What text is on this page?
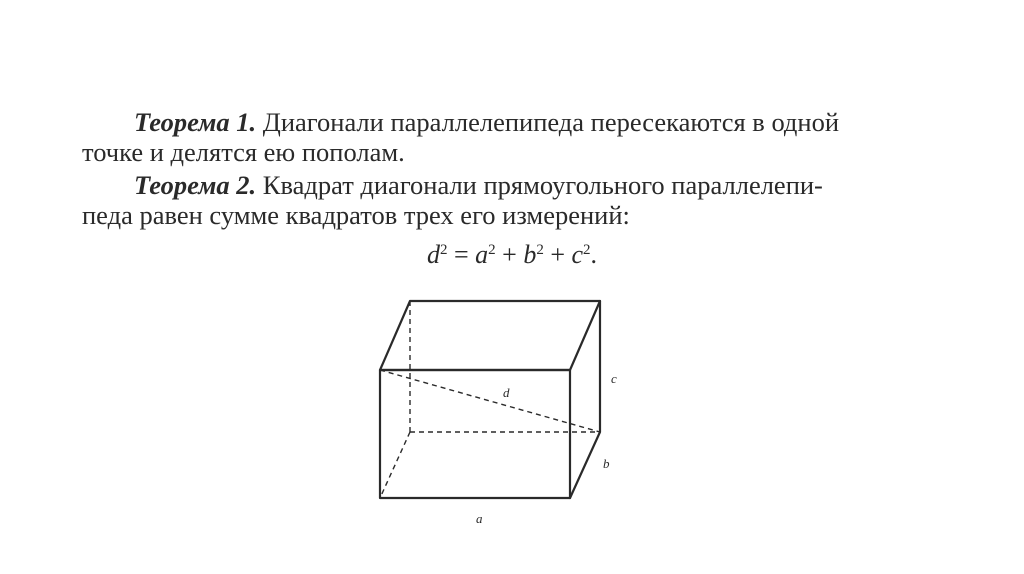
Теорема 1. Диагонали параллелепипеда пересекаются в одной
точке и делятся ею пополам.

Теорема 2. Квадрат диагонали прямоугольного параллелепи-
педа равен сумме квадратов трех его измерений:

$d^2 = a^2 + b^2 + c^2$.
a
b
c
d
